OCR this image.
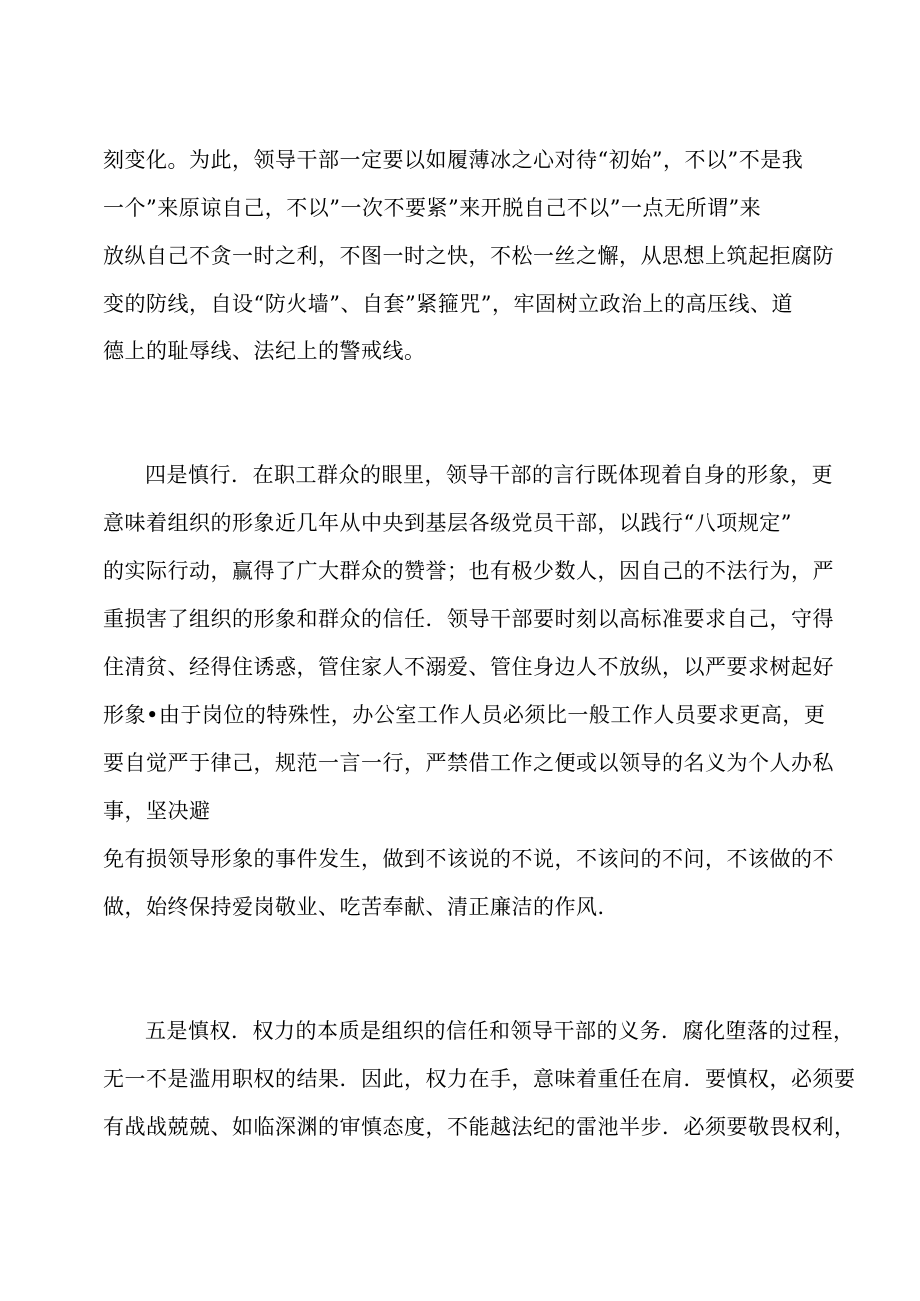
刻变化。为此，领导干部一定要以如履薄冰之心对待“初始”，不以”不是我
一个”来原谅自己，不以”一次不要紧”来开脱自己不以”一点无所谓”来
放纵自己不贪一时之利，不图一时之快，不松一丝之懈，从思想上筑起拒腐防
变的防线，自设“防火墙”、自套”紧箍咒”，牢固树立政治上的高压线、道
德上的耻辱线、法纪上的警戒线。
四是慎行．在职工群众的眼里，领导干部的言行既体现着自身的形象，更
意味着组织的形象近几年从中央到基层各级党员干部，以践行“八项规定”
的实际行动，赢得了广大群众的赞誉；也有极少数人，因自己的不法行为，严
重损害了组织的形象和群众的信任．领导干部要时刻以高标准要求自己，守得
住清贫、经得住诱惑，管住家人不溺爱、管住身边人不放纵，以严要求树起好
形象•由于岗位的特殊性，办公室工作人员必须比一般工作人员要求更高，更
要自觉严于律己，规范一言一行，严禁借工作之便或以领导的名义为个人办私
事，坚决避
免有损领导形象的事件发生，做到不该说的不说，不该问的不问，不该做的不
做，始终保持爱岗敬业、吃苦奉献、清正廉洁的作风．
五是慎权．权力的本质是组织的信任和领导干部的义务．腐化堕落的过程，
无一不是滥用职权的结果．因此，权力在手，意味着重任在肩．要慎权，必须要
有战战兢兢、如临深渊的审慎态度，不能越法纪的雷池半步．必须要敬畏权利，
